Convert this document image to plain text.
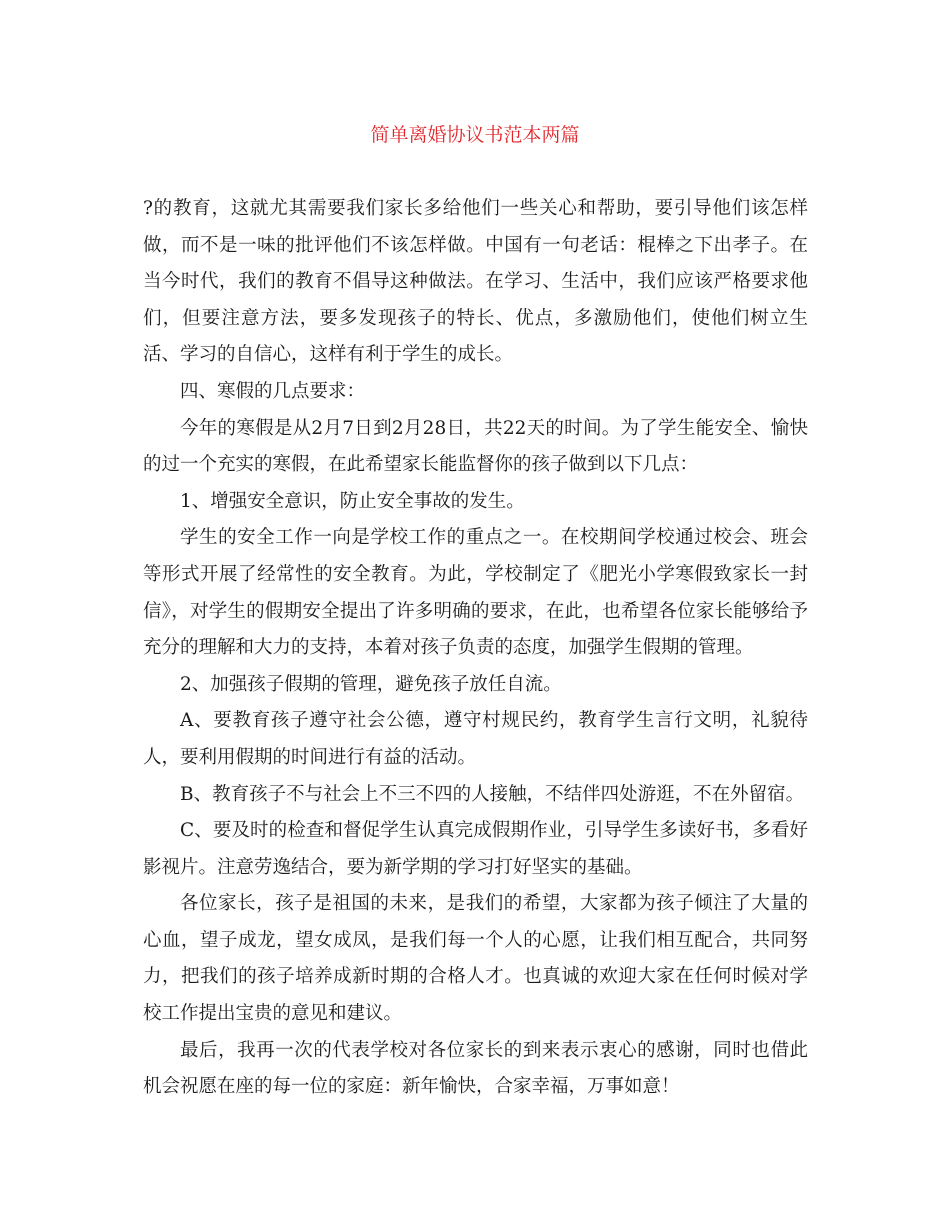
简单离婚协议书范本两篇

?的教育，这就尤其需要我们家长多给他们一些关心和帮助，要引导他们该怎样做，而不是一味的批评他们不该怎样做。中国有一句老话：棍棒之下出孝子。在当今时代，我们的教育不倡导这种做法。在学习、生活中，我们应该严格要求他们，但要注意方法，要多发现孩子的特长、优点，多激励他们，使他们树立生活、学习的自信心，这样有利于学生的成长。

四、寒假的几点要求：

今年的寒假是从2月7日到2月28日，共22天的时间。为了学生能安全、愉快的过一个充实的寒假，在此希望家长能监督你的孩子做到以下几点：

1、增强安全意识，防止安全事故的发生。

学生的安全工作一向是学校工作的重点之一。在校期间学校通过校会、班会等形式开展了经常性的安全教育。为此，学校制定了《肥光小学寒假致家长一封信》，对学生的假期安全提出了许多明确的要求，在此，也希望各位家长能够给予充分的理解和大力的支持，本着对孩子负责的态度，加强学生假期的管理。

2、加强孩子假期的管理，避免孩子放任自流。

A、要教育孩子遵守社会公德，遵守村规民约，教育学生言行文明，礼貌待人，要利用假期的时间进行有益的活动。

B、教育孩子不与社会上不三不四的人接触，不结伴四处游逛，不在外留宿。

C、要及时的检查和督促学生认真完成假期作业，引导学生多读好书，多看好影视片。注意劳逸结合，要为新学期的学习打好坚实的基础。

各位家长，孩子是祖国的未来，是我们的希望，大家都为孩子倾注了大量的心血，望子成龙，望女成凤，是我们每一个人的心愿，让我们相互配合，共同努力，把我们的孩子培养成新时期的合格人才。也真诚的欢迎大家在任何时候对学校工作提出宝贵的意见和建议。

最后，我再一次的代表学校对各位家长的到来表示衷心的感谢，同时也借此机会祝愿在座的每一位的家庭：新年愉快，合家幸福，万事如意！
